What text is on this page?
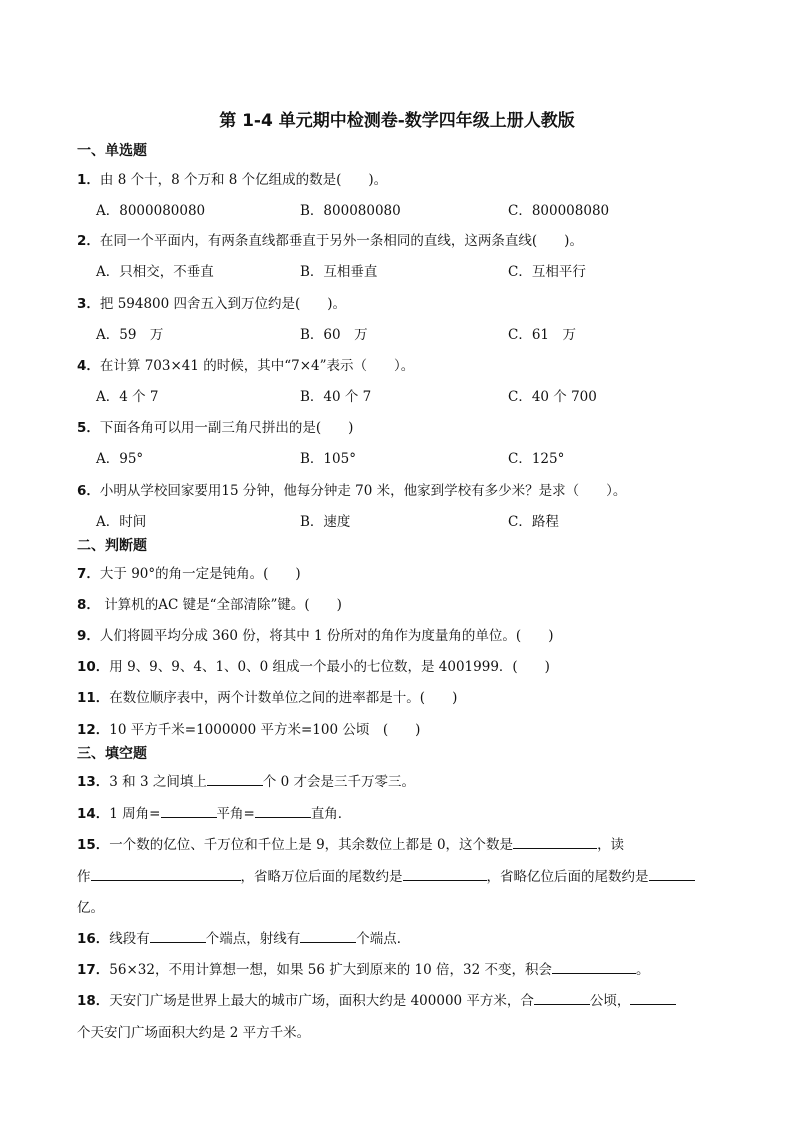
第 1-4 单元期中检测卷-数学四年级上册人教版
一、单选题
1．由 8 个十，8 个万和 8 个亿组成的数是(　　)。
A．8000080080	B．800080080	C．800008080
2．在同一个平面内，有两条直线都垂直于另外一条相同的直线，这两条直线(　　)。
A．只相交，不垂直	B．互相垂直	C．互相平行
3．把 594800 四舍五入到万位约是(　　)。
A．59　万	B．60　万	C．61　万
4．在计算 703×41 的时候，其中“7×4”表示（　　）。
A．4 个 7	B．40 个 7	C．40 个 700
5．下面各角可以用一副三角尺拼出的是(　　)
A．95°	B．105°	C．125°
6．小明从学校回家要用15 分钟，他每分钟走 70 米，他家到学校有多少米？是求（　　）。
A．时间	B．速度	C．路程
二、判断题
7．大于 90°的角一定是钝角。(　　)
8． 计算机的AC 键是“全部清除”键。(　　)
9．人们将圆平均分成 360 份，将其中 1 份所对的角作为度量角的单位。(　　)
10．用 9、9、9、4、1、0、0 组成一个最小的七位数，是 4001999．(　　)
11．在数位顺序表中，两个计数单位之间的进率都是十。(　　)
12．10 平方千米=1000000 平方米=100 公顷　(　　)
三、填空题
13．3 和 3 之间填上	个 0 才会是三千万零三。
14．1 周角=	平角=	直角．
15．一个数的亿位、千万位和千位上是 9，其余数位上都是 0，这个数是	，读
作	，省略万位后面的尾数约是	，省略亿位后面的尾数约是
亿。
16．线段有	个端点，射线有	个端点．
17．56×32，不用计算想一想，如果 56 扩大到原来的 10 倍，32 不变，积会	。
18．天安门广场是世界上最大的城市广场，面积大约是 400000 平方米，合	公顷，
个天安门广场面积大约是 2 平方千米。
